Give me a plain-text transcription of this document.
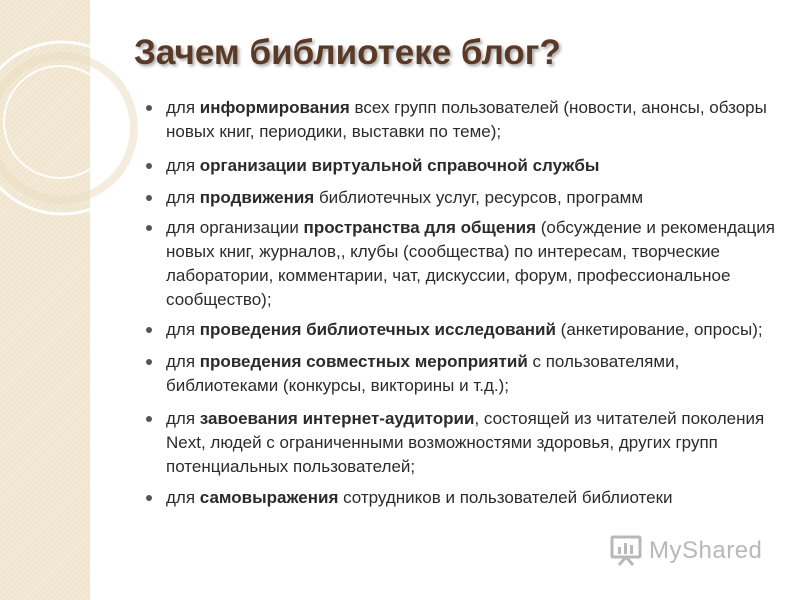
Зачем библиотеке блог?
для информирования всех групп пользователей (новости, анонсы, обзоры новых книг, периодики, выставки по теме);
для организации виртуальной справочной службы
для продвижения библиотечных услуг, ресурсов, программ
для организации пространства для общения (обсуждение и рекомендация новых книг, журналов,, клубы (сообщества) по интересам, творческие лаборатории, комментарии, чат, дискуссии, форум, профессиональное сообщество);
для проведения библиотечных исследований (анкетирование, опросы);
для проведения совместных мероприятий с пользователями, библиотеками (конкурсы, викторины и т.д.);
для завоевания интернет-аудитории, состоящей из читателей поколения Next, людей с ограниченными возможностями здоровья, других групп потенциальных пользователей;
для самовыражения сотрудников и пользователей библиотеки
MyShared
